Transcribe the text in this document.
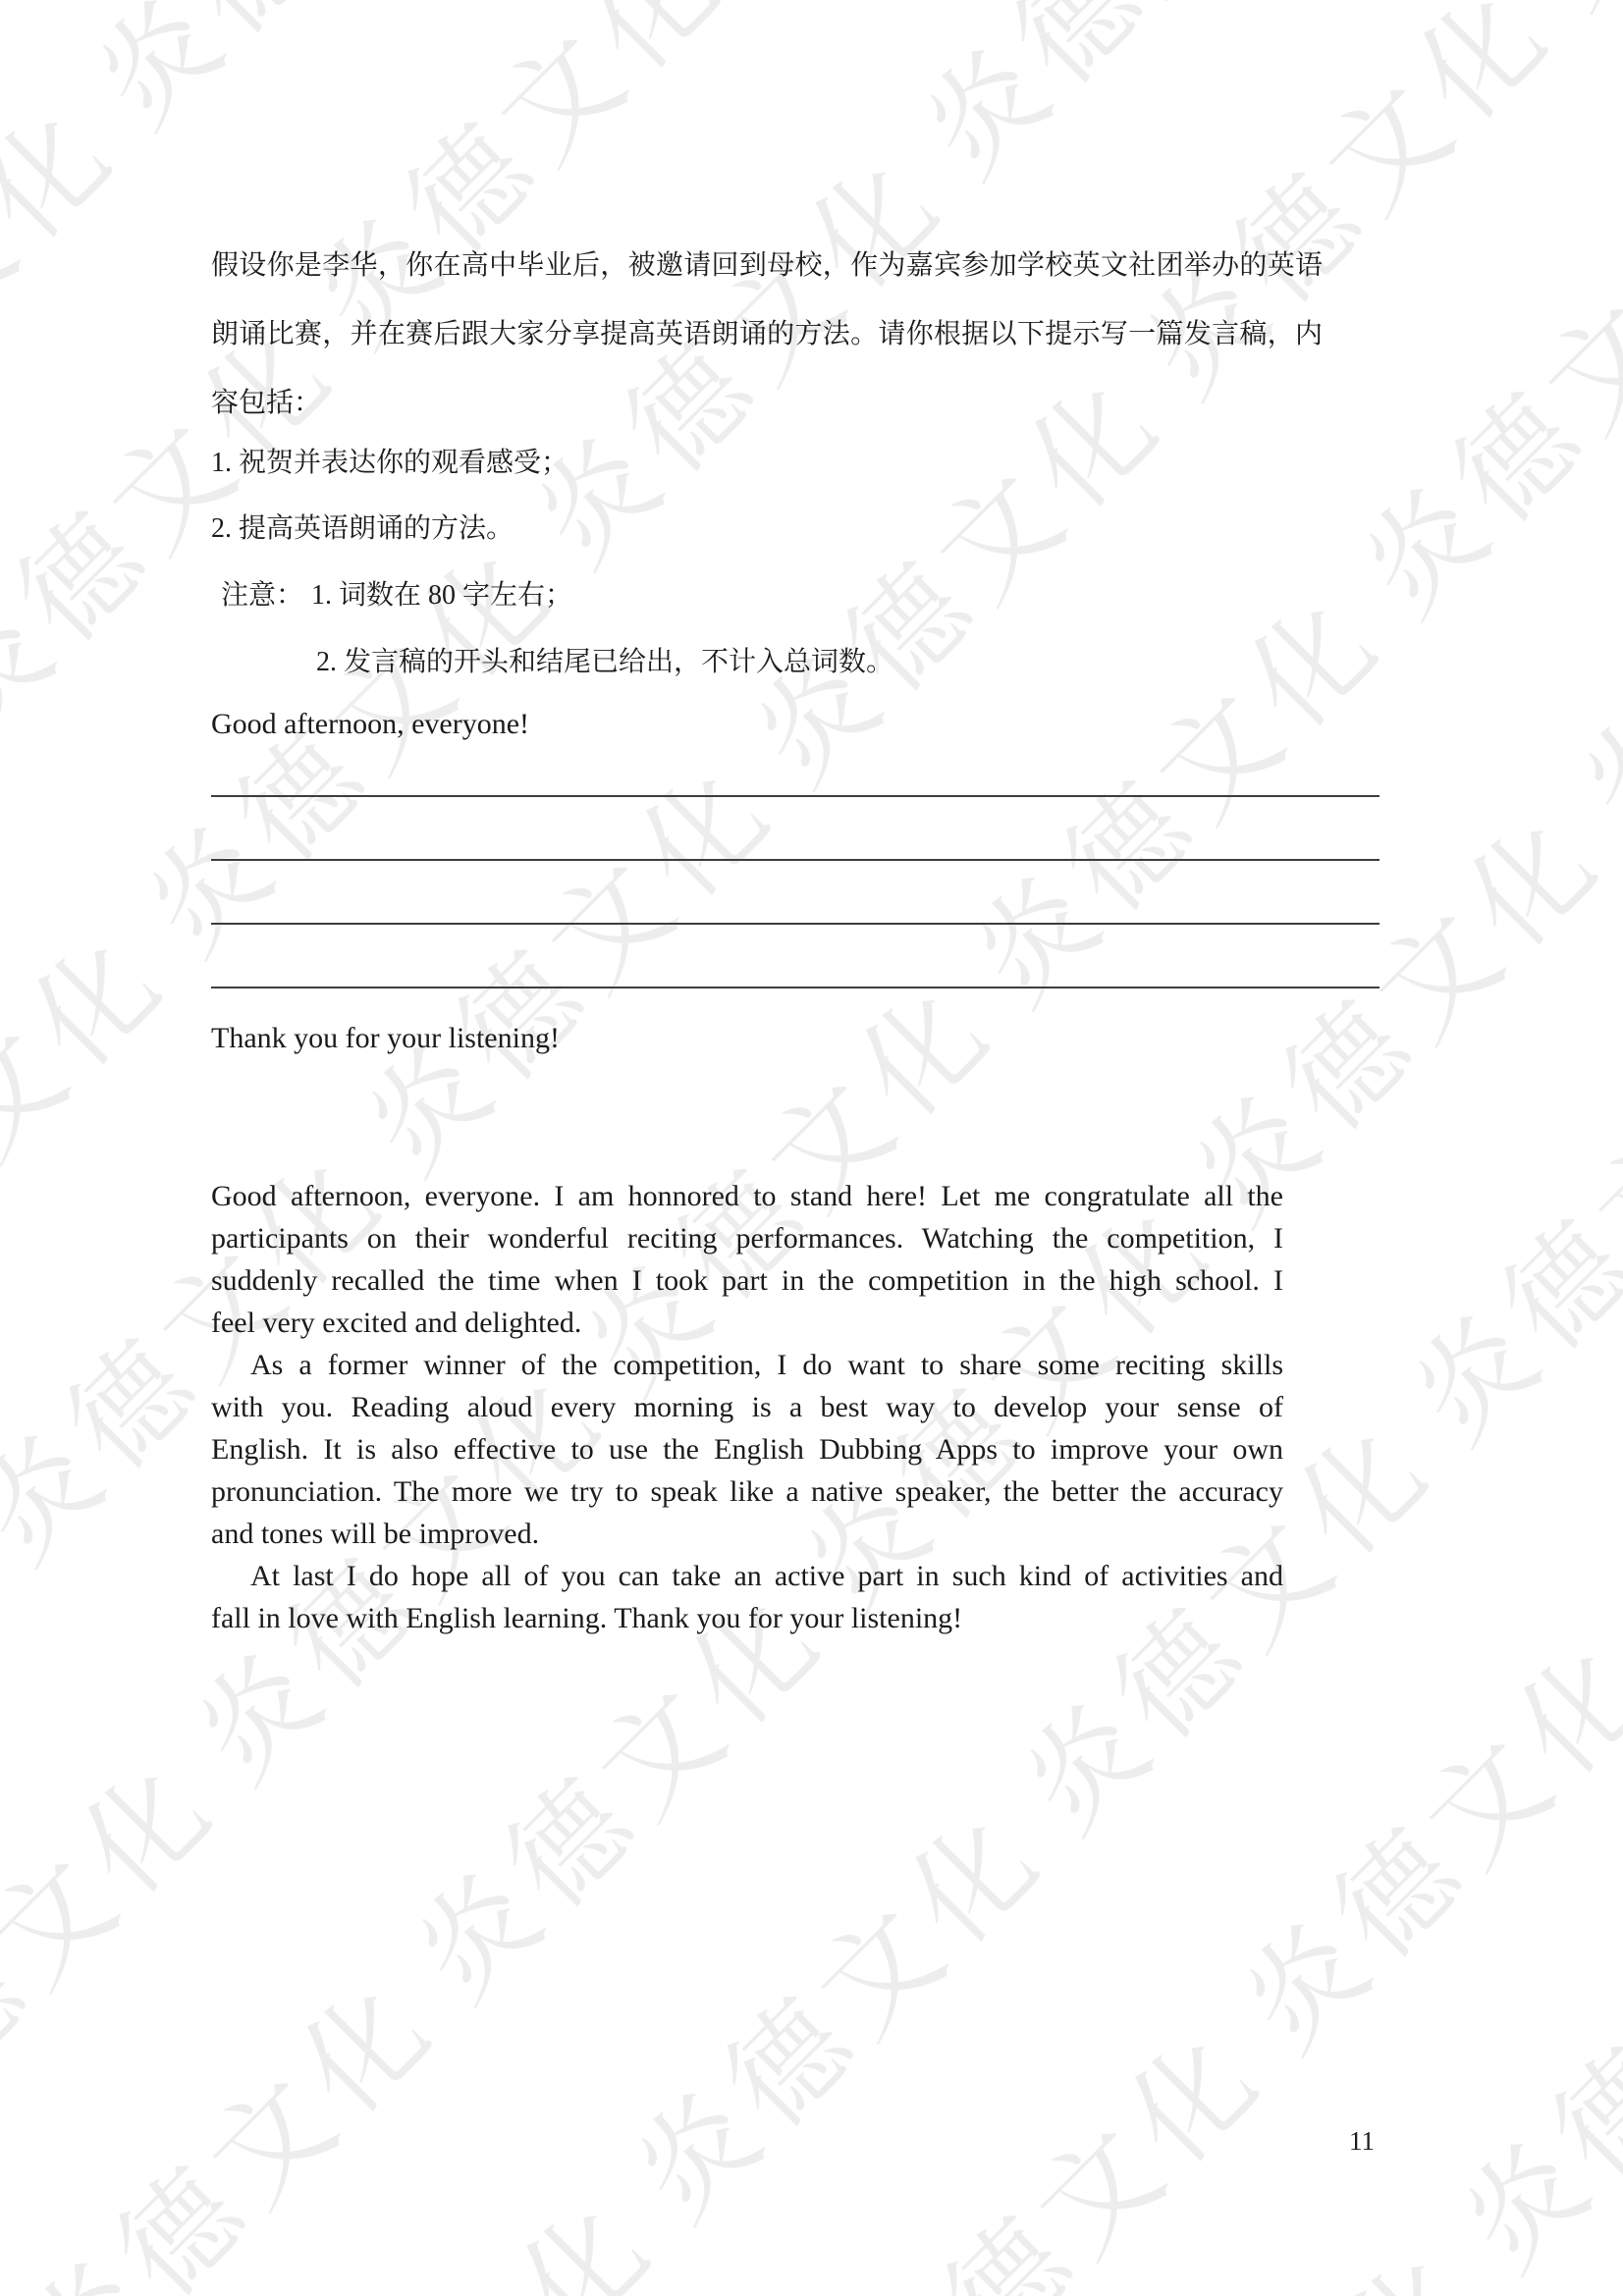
假设你是李华，你在高中毕业后，被邀请回到母校，作为嘉宾参加学校英文社团举办的英语
朗诵比赛，并在赛后跟大家分享提高英语朗诵的方法。请你根据以下提示写一篇发言稿，内
容包括：
1. 祝贺并表达你的观看感受；
2. 提高英语朗诵的方法。
注意： 1. 词数在 80 字左右；
2. 发言稿的开头和结尾已给出，不计入总词数。
Good afternoon, everyone!
Thank you for your listening!
Good afternoon, everyone. I am honnored to stand here! Let me congratulate all the
participants on their wonderful reciting performances. Watching the competition, I
suddenly recalled the time when I took part in the competition in the high school. I
feel very excited and delighted.
As a former winner of the competition, I do want to share some reciting skills
with you. Reading aloud every morning is a best way to develop your sense of
English. It is also effective to use the English Dubbing Apps to improve your own
pronunciation. The more we try to speak like a native speaker, the better the accuracy
and tones will be improved.
At last I do hope all of you can take an active part in such kind of activities and
fall in love with English learning. Thank you for your listening!
11
